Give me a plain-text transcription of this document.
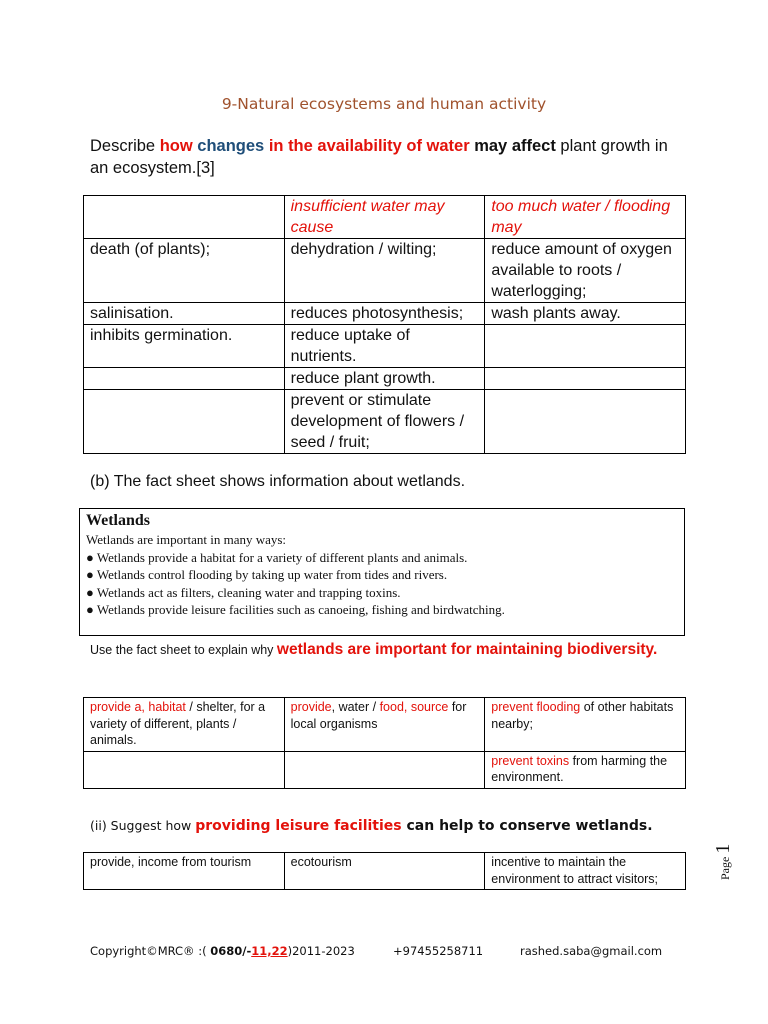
9-Natural ecosystems and human activity
Describe how changes in the availability of water may affect plant growth in an ecosystem.[3]
	insufficient water may cause	too much water / flooding may
death (of plants);	dehydration / wilting;	reduce amount of oxygen available to roots / waterlogging;
salinisation.	reduces photosynthesis;	wash plants away.
inhibits germination.	reduce uptake of nutrients.	
	reduce plant growth.	
	prevent or stimulate development of flowers / seed / fruit;	
(b) The fact sheet shows information about wetlands.
Wetlands
Wetlands are important in many ways:
● Wetlands provide a habitat for a variety of different plants and animals.
● Wetlands control flooding by taking up water from tides and rivers.
● Wetlands act as filters, cleaning water and trapping toxins.
● Wetlands provide leisure facilities such as canoeing, fishing and birdwatching.
Use the fact sheet to explain why wetlands are important for maintaining biodiversity.
provide a, habitat / shelter, for a variety of different, plants / animals.	provide, water / food, source for local organisms	prevent flooding of other habitats nearby;
		prevent toxins from harming the environment.
(ii) Suggest how providing leisure facilities can help to conserve wetlands.
provide, income from tourism	ecotourism	incentive to maintain the environment to attract visitors;	Page 1
Copyright©MRC® :( 0680/-11,22)2011-2023	+97455258711	rashed.saba@gmail.com
